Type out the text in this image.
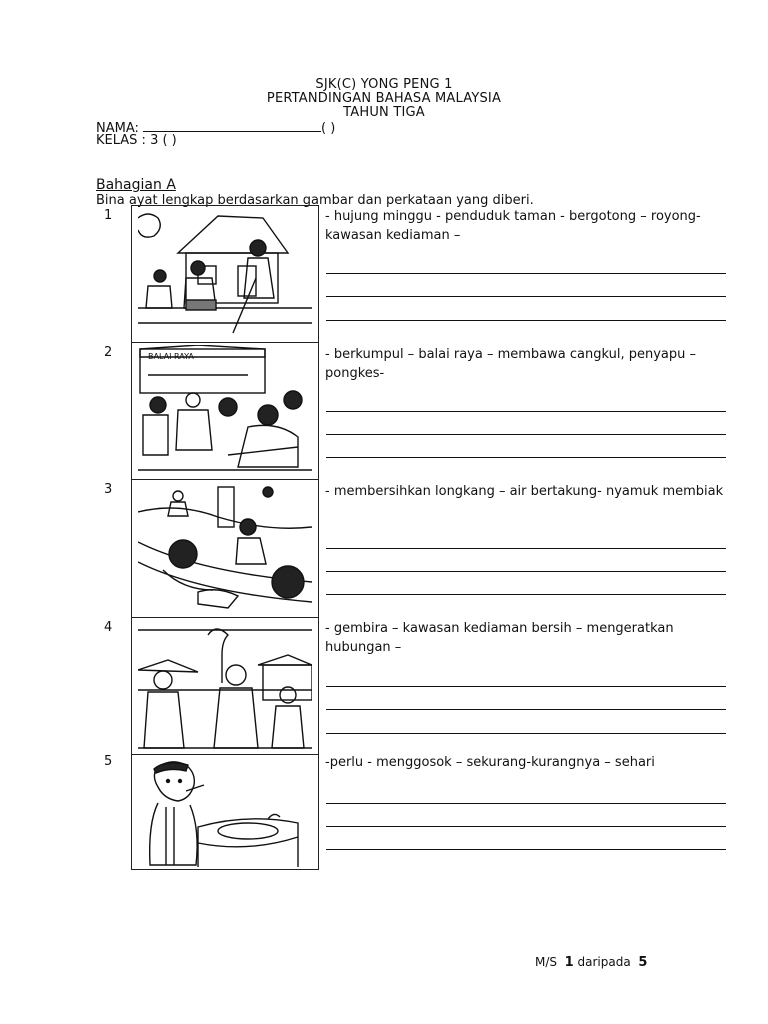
SJK(C) YONG PENG 1
PERTANDINGAN BAHASA MALAYSIA
TAHUN TIGA
NAMA:	( )
KELAS : 3 ( )
Bahagian A
Bina ayat lengkap berdasarkan gambar dan perkataan yang diberi.
1
2
3
4
5
BALAI RAYA
- hujung minggu - penduduk taman - bergotong – royong-kawasan kediaman –
- berkumpul – balai raya – membawa cangkul, penyapu – pongkes-
- membersihkan longkang – air bertakung- nyamuk membiak
- gembira – kawasan kediaman bersih – mengeratkan hubungan –
-perlu - menggosok – sekurang-kurangnya – sehari
M/S 1 daripada 5
